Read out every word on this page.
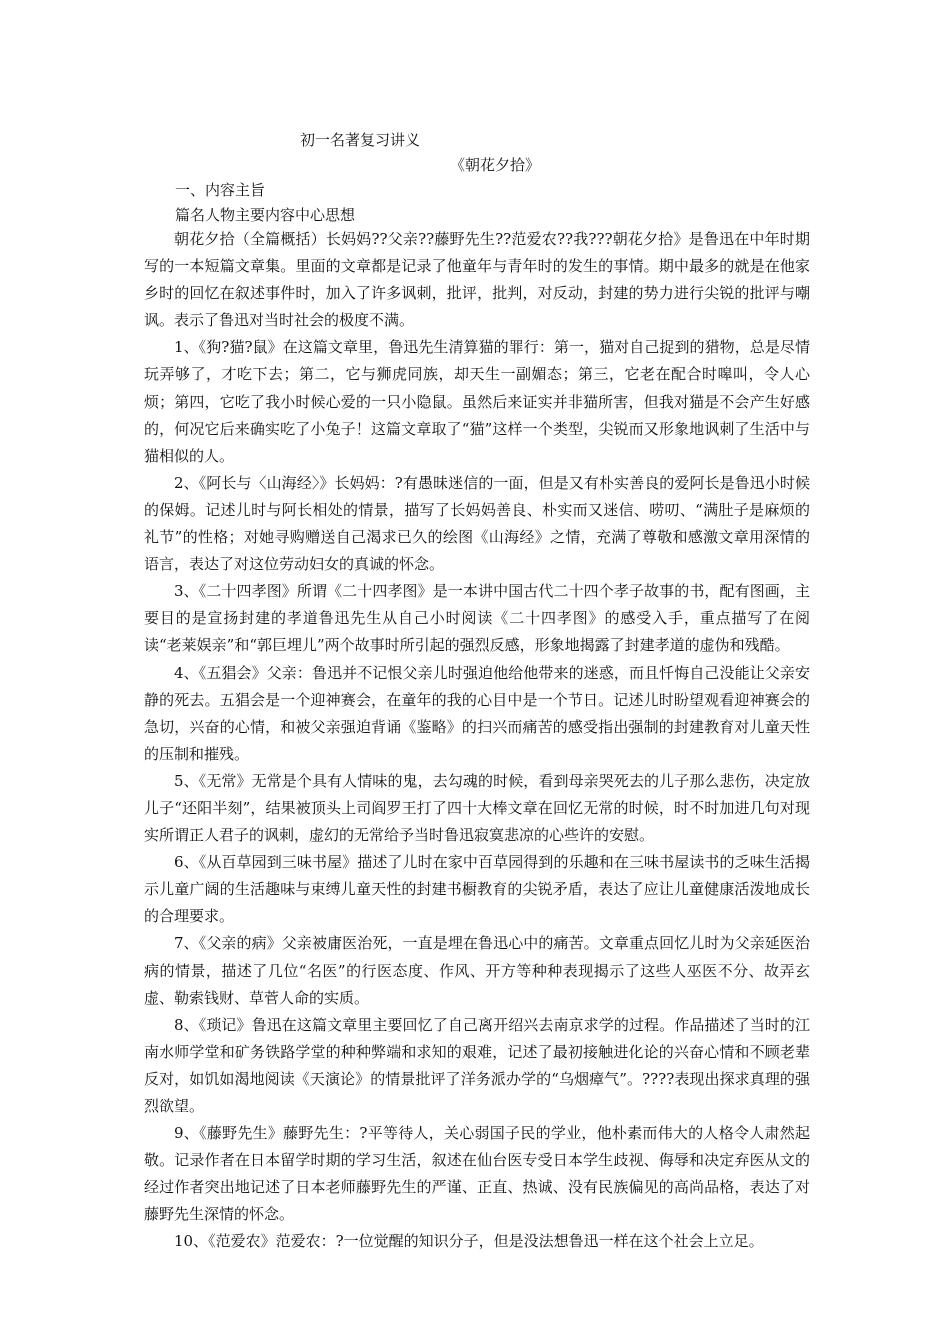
初一名著复习讲义
《朝花夕拾》
一、内容主旨
篇名人物主要内容中心思想

朝花夕拾（全篇概括）长妈妈??父亲??藤野先生??范爱农??我???朝花夕拾》是鲁迅在中年时期写的一本短篇文章集。里面的文章都是记录了他童年与青年时的发生的事情。期中最多的就是在他家乡时的回忆在叙述事件时，加入了许多讽刺，批评，批判，对反动，封建的势力进行尖锐的批评与嘲讽。表示了鲁迅对当时社会的极度不满。

1、《狗?猫?鼠》在这篇文章里，鲁迅先生清算猫的罪行：第一，猫对自己捉到的猎物，总是尽情玩弄够了，才吃下去；第二，它与狮虎同族，却天生一副媚态；第三，它老在配合时嗥叫，令人心烦；第四，它吃了我小时候心爱的一只小隐鼠。虽然后来证实并非猫所害，但我对猫是不会产生好感的，何况它后来确实吃了小兔子！这篇文章取了“猫”这样一个类型，尖锐而又形象地讽刺了生活中与猫相似的人。

2、《阿长与〈山海经〉》长妈妈：?有愚昧迷信的一面，但是又有朴实善良的爱阿长是鲁迅小时候的保姆。记述儿时与阿长相处的情景，描写了长妈妈善良、朴实而又迷信、唠叨、“满肚子是麻烦的礼节”的性格；对她寻购赠送自己渴求已久的绘图《山海经》之情，充满了尊敬和感激文章用深情的语言，表达了对这位劳动妇女的真诚的怀念。

3、《二十四孝图》所谓《二十四孝图》是一本讲中国古代二十四个孝子故事的书，配有图画，主要目的是宣扬封建的孝道鲁迅先生从自己小时阅读《二十四孝图》的感受入手，重点描写了在阅读“老莱娱亲”和“郭巨埋儿”两个故事时所引起的强烈反感，形象地揭露了封建孝道的虚伪和残酷。

4、《五猖会》父亲：鲁迅并不记恨父亲儿时强迫他给他带来的迷惑，而且忏悔自己没能让父亲安静的死去。五猖会是一个迎神赛会，在童年的我的心目中是一个节日。记述儿时盼望观看迎神赛会的急切，兴奋的心情，和被父亲强迫背诵《鉴略》的扫兴而痛苦的感受指出强制的封建教育对儿童天性的压制和摧残。

5、《无常》无常是个具有人情味的鬼，去勾魂的时候，看到母亲哭死去的儿子那么悲伤，决定放儿子“还阳半刻”，结果被顶头上司阎罗王打了四十大棒文章在回忆无常的时候，时不时加进几句对现实所谓正人君子的讽刺，虚幻的无常给予当时鲁迅寂寞悲凉的心些许的安慰。

6、《从百草园到三味书屋》描述了儿时在家中百草园得到的乐趣和在三味书屋读书的乏味生活揭示儿童广阔的生活趣味与束缚儿童天性的封建书橱教育的尖锐矛盾，表达了应让儿童健康活泼地成长的合理要求。

7、《父亲的病》父亲被庸医治死，一直是埋在鲁迅心中的痛苦。文章重点回忆儿时为父亲延医治病的情景，描述了几位“名医”的行医态度、作风、开方等种种表现揭示了这些人巫医不分、故弄玄虚、勒索钱财、草菅人命的实质。

8、《琐记》鲁迅在这篇文章里主要回忆了自己离开绍兴去南京求学的过程。作品描述了当时的江南水师学堂和矿务铁路学堂的种种弊端和求知的艰难，记述了最初接触进化论的兴奋心情和不顾老辈反对，如饥如渴地阅读《天演论》的情景批评了洋务派办学的“乌烟瘴气”。????表现出探求真理的强烈欲望。

9、《藤野先生》藤野先生：?平等待人，关心弱国子民的学业，他朴素而伟大的人格令人肃然起敬。记录作者在日本留学时期的学习生活，叙述在仙台医专受日本学生歧视、侮辱和决定弃医从文的经过作者突出地记述了日本老师藤野先生的严谨、正直、热诚、没有民族偏见的高尚品格，表达了对藤野先生深情的怀念。

10、《范爱农》范爱农：?一位觉醒的知识分子，但是没法想鲁迅一样在这个社会上立足。
